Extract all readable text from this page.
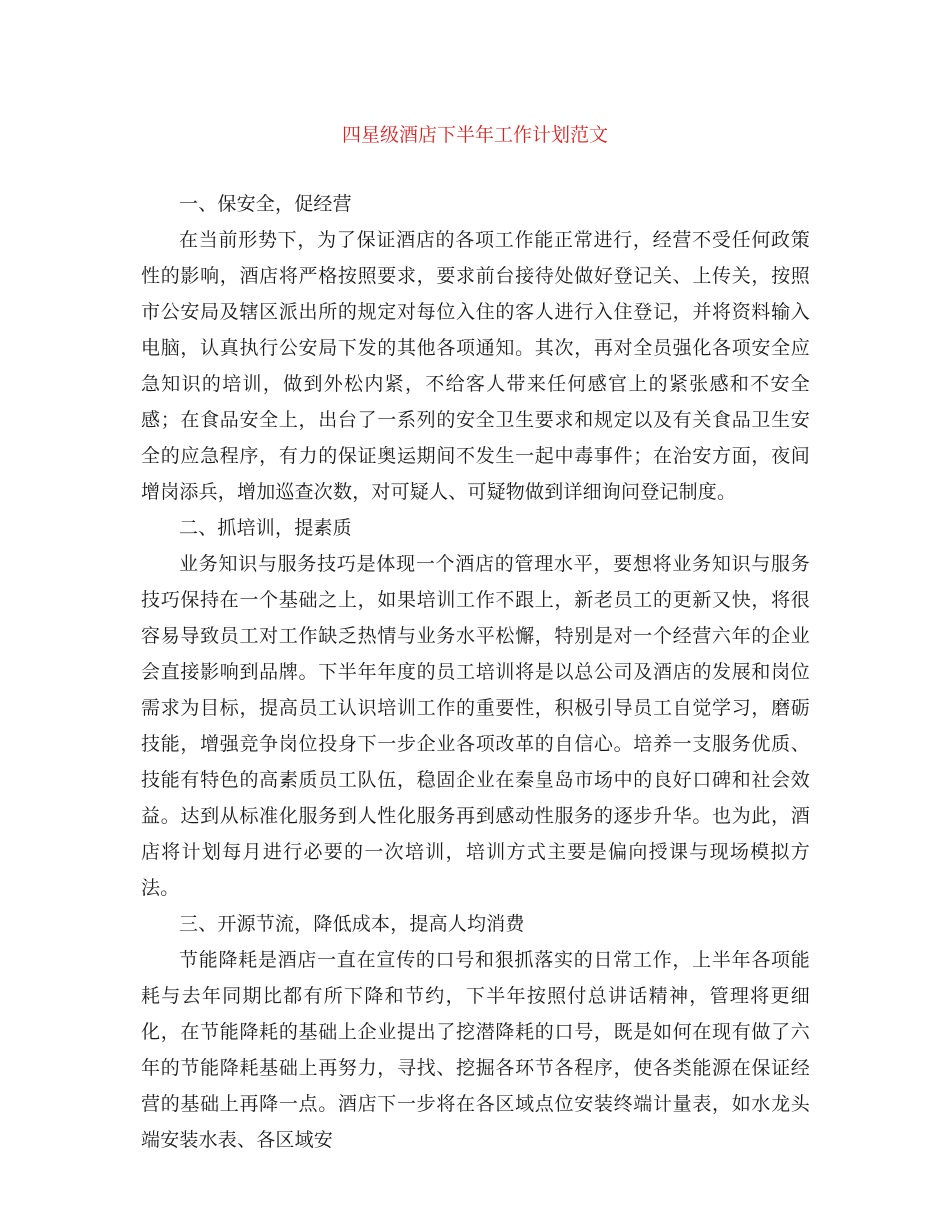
四星级酒店下半年工作计划范文

一、保安全，促经营

在当前形势下，为了保证酒店的各项工作能正常进行，经营不受任何政策性的影响，酒店将严格按照要求，要求前台接待处做好登记关、上传关，按照市公安局及辖区派出所的规定对每位入住的客人进行入住登记，并将资料输入电脑，认真执行公安局下发的其他各项通知。其次，再对全员强化各项安全应急知识的培训，做到外松内紧，不给客人带来任何感官上的紧张感和不安全感；在食品安全上，出台了一系列的安全卫生要求和规定以及有关食品卫生安全的应急程序，有力的保证奥运期间不发生一起中毒事件；在治安方面，夜间增岗添兵，增加巡查次数，对可疑人、可疑物做到详细询问登记制度。

二、抓培训，提素质

业务知识与服务技巧是体现一个酒店的管理水平，要想将业务知识与服务技巧保持在一个基础之上，如果培训工作不跟上，新老员工的更新又快，将很容易导致员工对工作缺乏热情与业务水平松懈，特别是对一个经营六年的企业会直接影响到品牌。下半年年度的员工培训将是以总公司及酒店的发展和岗位需求为目标，提高员工认识培训工作的重要性，积极引导员工自觉学习，磨砺技能，增强竞争岗位投身下一步企业各项改革的自信心。培养一支服务优质、技能有特色的高素质员工队伍，稳固企业在秦皇岛市场中的良好口碑和社会效益。达到从标准化服务到人性化服务再到感动性服务的逐步升华。也为此，酒店将计划每月进行必要的一次培训，培训方式主要是偏向授课与现场模拟方法。

三、开源节流，降低成本，提高人均消费

节能降耗是酒店一直在宣传的口号和狠抓落实的日常工作，上半年各项能耗与去年同期比都有所下降和节约，下半年按照付总讲话精神，管理将更细化，在节能降耗的基础上企业提出了挖潜降耗的口号，既是如何在现有做了六年的节能降耗基础上再努力，寻找、挖掘各环节各程序，使各类能源在保证经营的基础上再降一点。酒店下一步将在各区域点位安装终端计量表，如水龙头端安装水表、各区域安
